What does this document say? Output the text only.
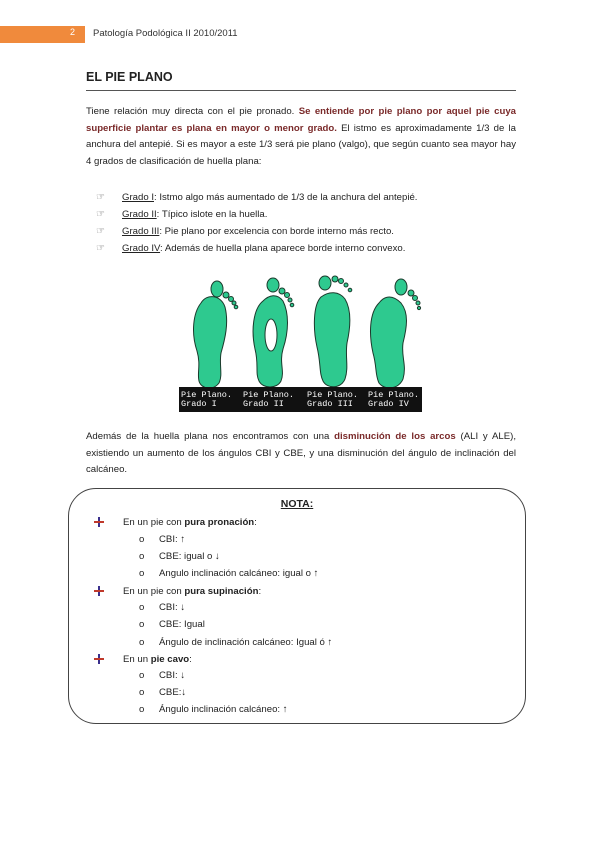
2 Patología Podológica II 2010/2011
EL PIE PLANO
Tiene relación muy directa con el pie pronado. Se entiende por pie plano por aquel pie cuya superficie plantar es plana en mayor o menor grado. El istmo es aproximadamente 1/3 de la anchura del antepié. Si es mayor a este 1/3 será pie plano (valgo), que según cuanto sea mayor hay 4 grados de clasificación de huella plana:
☞	Grado I: Istmo algo más aumentado de 1/3 de la anchura del antepié.
☞	Grado II: Típico islote en la huella.
☞	Grado III: Pie plano por excelencia con borde interno más recto.
☞	Grado IV: Además de huella plana aparece borde interno convexo.
Pie Plano.
Grado I
Pie Plano.
Grado II
Pie Plano.
Grado III
Pie Plano.
Grado IV
Además de la huella plana nos encontramos con una disminución de los arcos (ALI y ALE), existiendo un aumento de los ángulos CBI y CBE, y una disminución del ángulo de inclinación del calcáneo.
NOTA:
En un pie con pura pronación:
o CBI: ↑
o CBE: igual o ↓
o Angulo inclinación calcáneo: igual o ↑
En un pie con pura supinación:
o CBI: ↓
o CBE: Igual
o Ángulo de inclinación calcáneo: Igual ó ↑
En un pie cavo:
o CBI: ↓
o CBE:↓
o Ángulo inclinación calcáneo: ↑
